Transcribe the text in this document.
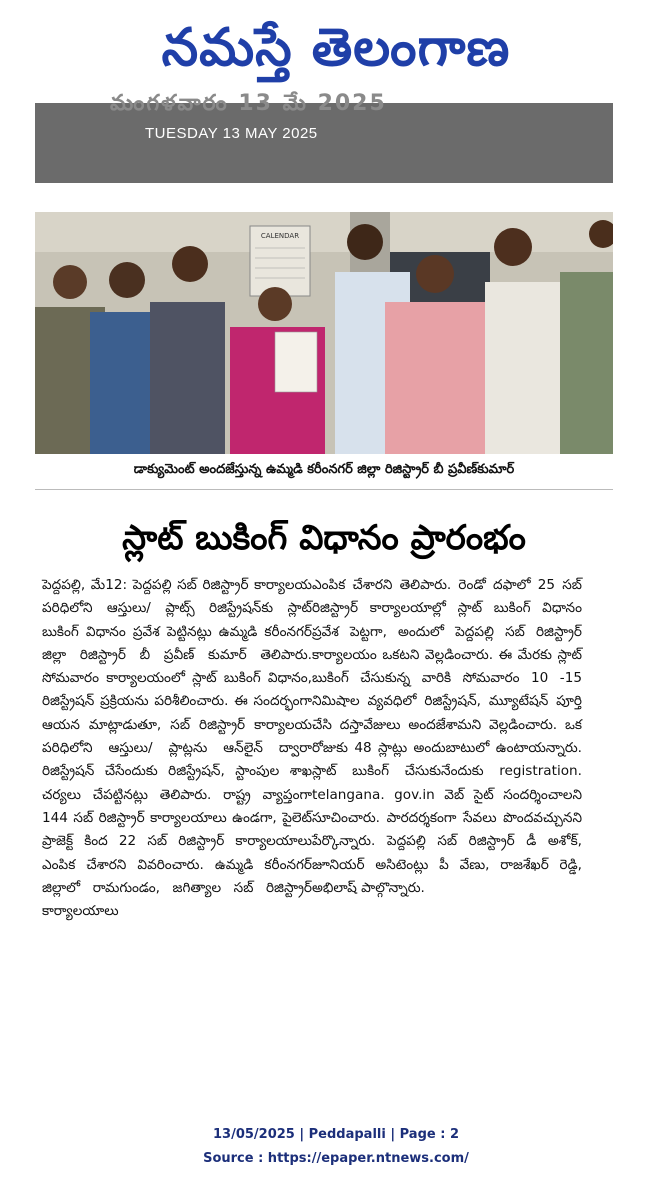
నమస్తే తెలంగాణ
మంగళవారం 13 మే 2025
TUESDAY 13 MAY 2025
CALENDAR
డాక్యుమెంట్ అందజేస్తున్న ఉమ్మడి కరీంనగర్ జిల్లా రిజిస్ట్రార్ బీ ప్రవీణ్‌కుమార్
స్లాట్ బుకింగ్ విధానం ప్రారంభం

పెద్దపల్లి, మే12: పెద్దపల్లి సబ్ రిజిస్ట్రార్ కార్యాలయ పరిధిలోని ఆస్తులు/ ప్లాట్స్ రిజిస్ట్రేషన్‌కు స్లాట్ బుకింగ్ విధానం ప్రవేశ పెట్టినట్లు ఉమ్మడి కరీంనగర్ జిల్లా రిజిస్ట్రార్ బీ ప్రవీణ్ కుమార్ తెలిపారు. సోమవారం కార్యాలయంలో స్లాట్ బుకింగ్ విధానం, రిజిస్ట్రేషన్ ప్రక్రియను పరిశీలించారు. ఈ సందర్భంగా ఆయన మాట్లాడుతూ, సబ్ రిజిస్ట్రార్ కార్యాలయ పరిధిలోని ఆస్తులు/ ప్లాట్లను ఆన్‌లైన్ ద్వారా రిజిస్ట్రేషన్ చేసేందుకు రిజిస్ట్రేషన్, స్టాంపుల శాఖ చర్యలు చేపట్టినట్లు తెలిపారు. రాష్ట్ర వ్యాప్తంగా 144 సబ్ రిజిస్ట్రార్ కార్యాలయాలు ఉండగా, పైలెట్ ప్రాజెక్ట్ కింద 22 సబ్ రిజిస్ట్రార్ కార్యాలయాలు ఎంపిక చేశారని వివరించారు. ఉమ్మడి కరీంనగర్ జిల్లాలో రామగుండం, జగిత్యాల సబ్ రిజిస్ట్రార్ కార్యాలయాలు

ఎంపిక చేశారని తెలిపారు. రెండో దఫాలో 25 సబ్ రిజిస్ట్రార్ కార్యాలయాల్లో స్లాట్ బుకింగ్ విధానం ప్రవేశ పెట్టగా, అందులో పెద్దపల్లి సబ్ రిజిస్ట్రార్ కార్యాలయం ఒకటని వెల్లడించారు. ఈ మేరకు స్లాట్ బుకింగ్ చేసుకున్న వారికి సోమవారం 10 -15 నిమిషాల వ్యవధిలో రిజిస్ట్రేషన్, మ్యూటేషన్ పూర్తి చేసి దస్తావేజులు అందజేశామని వెల్లడించారు. ఒక రోజుకు 48 స్లాట్లు అందుబాటులో ఉంటాయన్నారు. స్లాట్ బుకింగ్ చేసుకునేందుకు registration. telangana. gov.in వెబ్ సైట్ సందర్శించాలని సూచించారు. పారదర్శకంగా సేవలు పొందవచ్చునని పేర్కొన్నారు. పెద్దపల్లి సబ్ రిజిస్ట్రార్ డీ అశోక్, జూనియర్ అసిటెంట్లు పీ వేణు, రాజశేఖర్ రెడ్డి, అభిలాష్ పాల్గొన్నారు.

13/05/2025 | Peddapalli | Page : 2
Source : https://epaper.ntnews.com/
